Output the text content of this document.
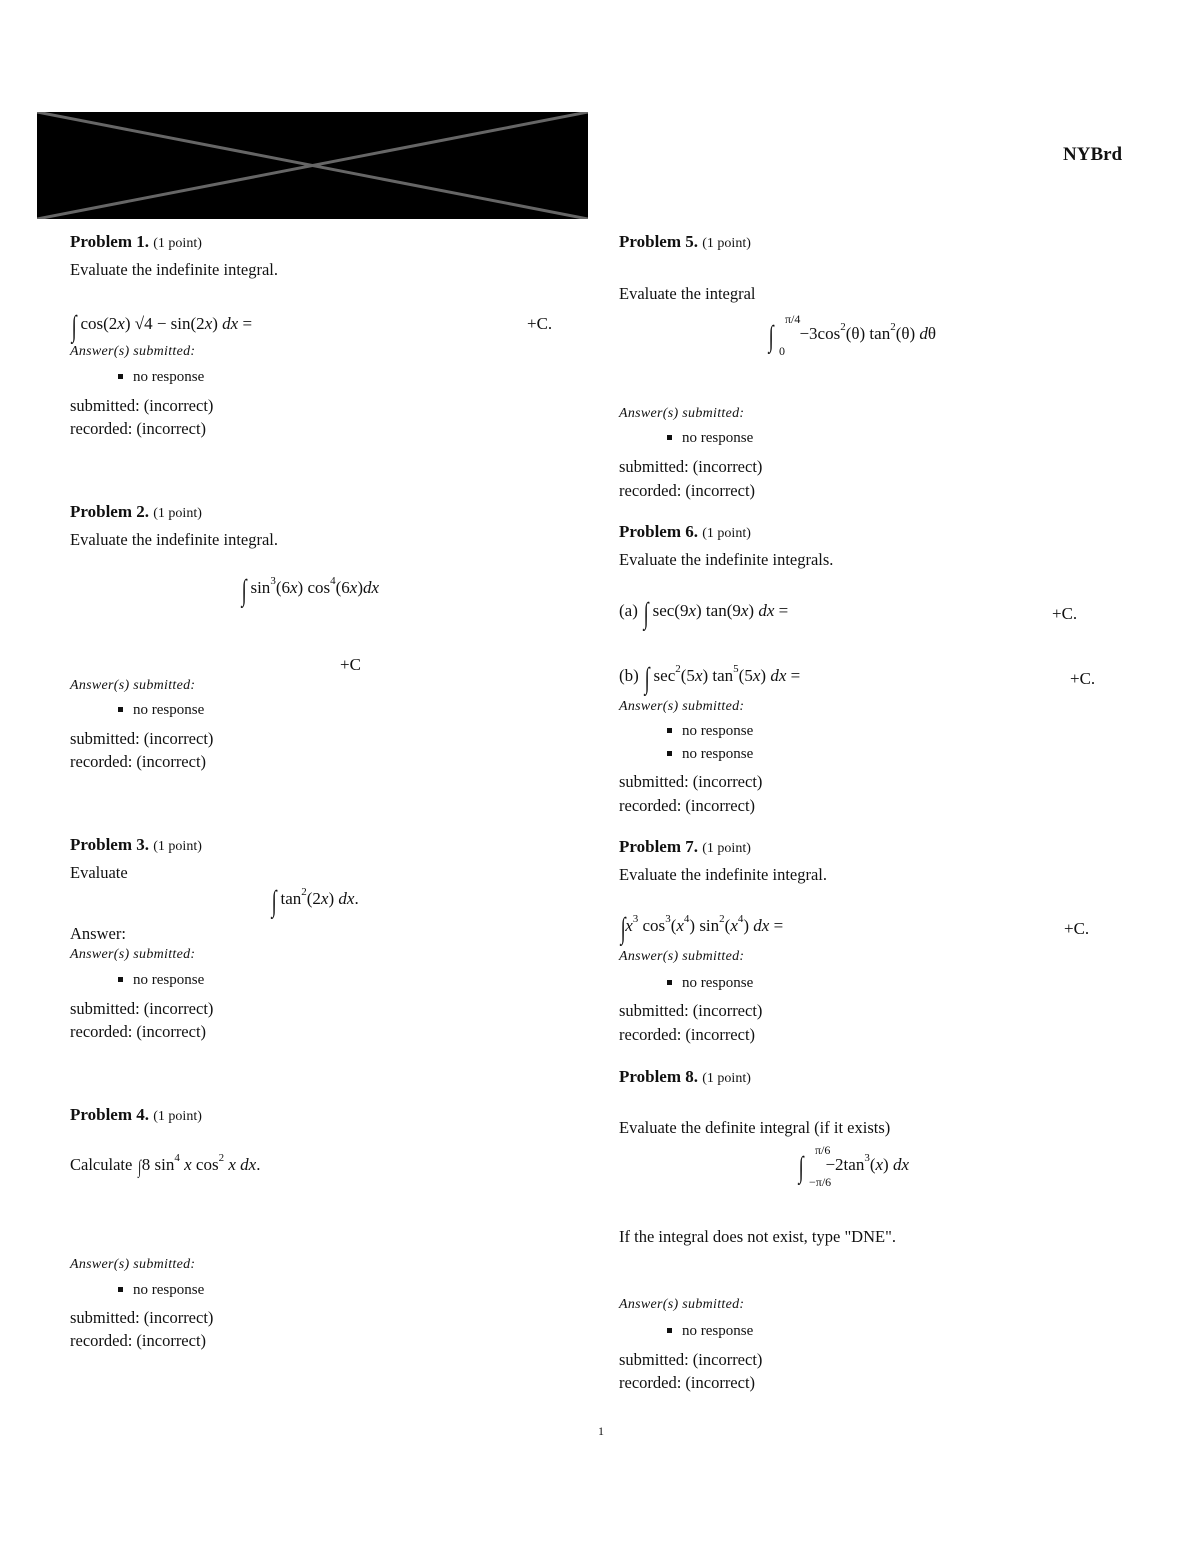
NYBrd
Problem 1. (1 point)
Evaluate the indefinite integral.
∫ cos(2x) √4 − sin(2x) dx =	+C.
Answer(s) submitted:
no response
submitted: (incorrect)
recorded: (incorrect)
Problem 2. (1 point)
Evaluate the indefinite integral.
∫ $\sin^3(6x)$ $\cos^4(6x)dx$
+C
Answer(s) submitted:
no response
submitted: (incorrect)
recorded: (incorrect)
Problem 3. (1 point)
Evaluate
∫ $\tan^2(2x)$ dx.
Answer:
Answer(s) submitted:
no response
submitted: (incorrect)
recorded: (incorrect)
Problem 4. (1 point)
Calculate ∫8 $\sin^4 x$ $\cos^2 x$ dx.
Answer(s) submitted:
no response
submitted: (incorrect)
recorded: (incorrect)
Problem 5. (1 point)
Evaluate the integral
∫
π/4
0
$-3\cos^2(\theta)$ $\tan^2(\theta)$ dθ
Answer(s) submitted:
no response
submitted: (incorrect)
recorded: (incorrect)
Problem 6. (1 point)
Evaluate the indefinite integrals.
(a) ∫ sec(9x) tan(9x) dx =	+C.
(b) ∫ $\sec^2(5x)$ $\tan^5(5x)$ dx =	+C.
Answer(s) submitted:
no response
no response
submitted: (incorrect)
recorded: (incorrect)
Problem 7. (1 point)
Evaluate the indefinite integral.
$\int x^3$ $\cos^3(x^4)$ $\sin^2(x^4)$ dx =	+C.
Answer(s) submitted:
no response
submitted: (incorrect)
recorded: (incorrect)
Problem 8. (1 point)
Evaluate the definite integral (if it exists)
∫
π/6
−π/6
$-2\tan^3(x)$ dx
If the integral does not exist, type "DNE".
Answer(s) submitted:
no response
submitted: (incorrect)
recorded: (incorrect)
1
